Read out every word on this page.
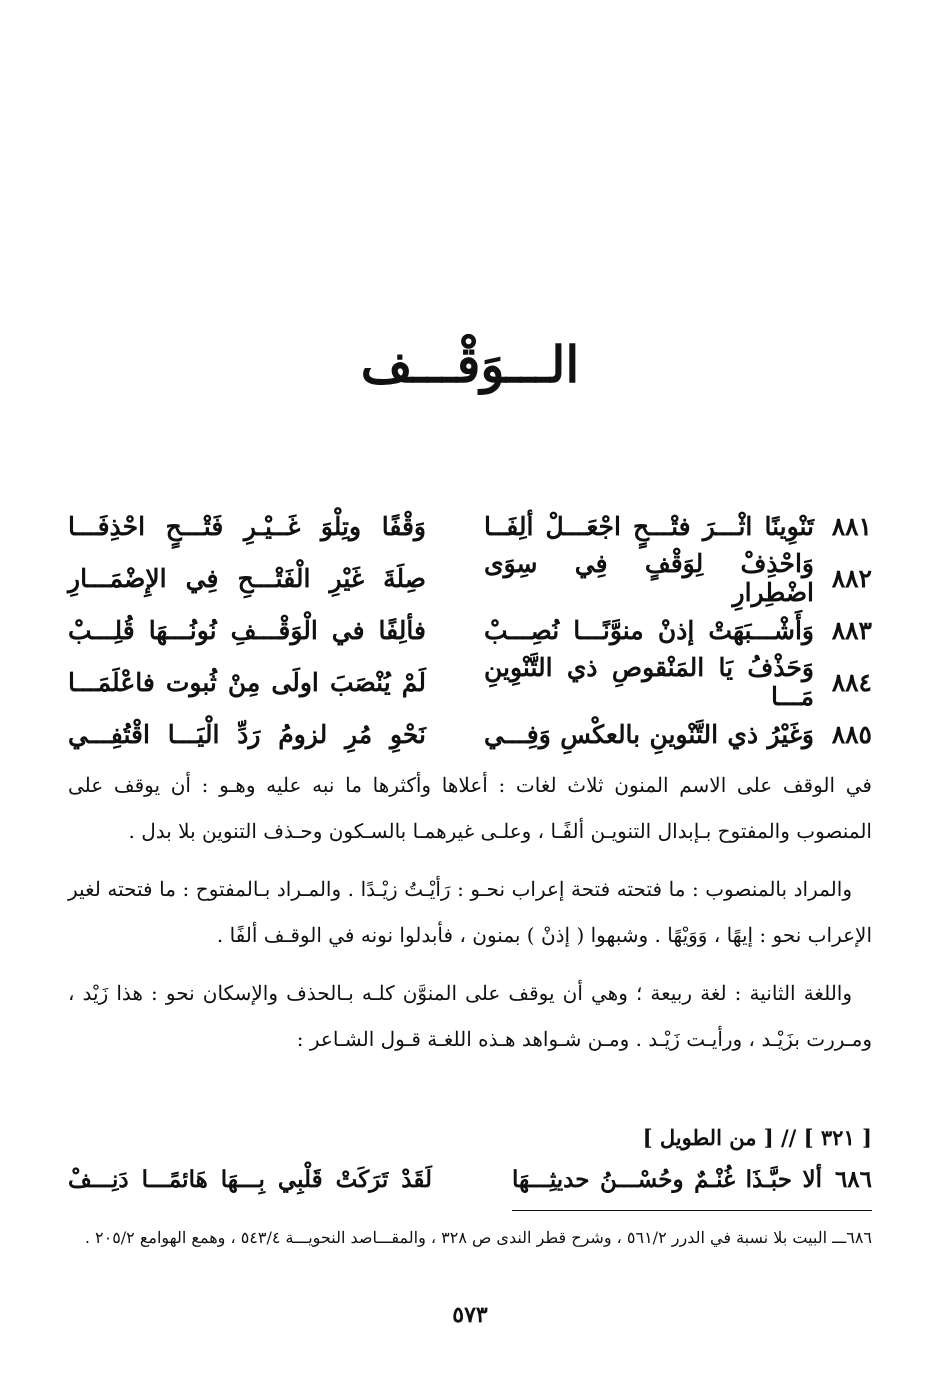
الـــوَقْـــف
٨٨١
تَنْوِينًا اثْـــرَ فتْـــحٍ اجْعَـــلْ ألِفَــا
وَقْفًا وتِلْوَ غَــيْـرِ فَتْـــحٍ احْذِفَـــا
٨٨٢
وَاحْذِفْ لِوَقْفٍ فِي سِوَى اضْطِرارِ
صِلَةَ غَيْرِ الْفَتْـــحِ فِي الإِضْمَـــارِ
٨٨٣
وَأَشْـــبَهَتْ إذنْ منوَّنًـــا نُصِـــبْ
فألِفًا في الْوَقْـــفِ نُونُـــهَا قُلِـــبْ
٨٨٤
وَحَذْفُ يَا المَنْقوصِ ذي التَّنْوِينِ مَـــا
لَمْ يُنْصَبَ اولَى مِنْ ثُبوت فاعْلَمَـــا
٨٨٥
وَغَيْرُ ذي التَّنْوينِ بالعكْسِ وَفِـــي
نَحْوِ مُرِ لزومُ رَدِّ الْيَـــا اقْتُفِـــي

في الوقف على الاسم المنون ثلاث لغات : أعلاها وأكثرها ما نبه عليه وهـو : أن يوقف على المنصوب والمفتوح بـإبدال التنويـن ألفًـا ، وعلـى غيرهمـا بالسـكون وحـذف التنوين بلا بدل .

والمراد بالمنصوب : ما فتحته فتحة إعراب نحـو : رَأيْـتُ زيْـدًا . والمـراد بـالمفتوح : ما فتحته لغير الإعراب نحو : إيهًا ، وَوَيْهًا . وشبهوا ( إذنْ ) بمنون ، فأبدلوا نونه في الوقـف ألفًا .

واللغة الثانية : لغة ربيعة ؛ وهي أن يوقف على المنوَّن كلـه بـالحذف والإسكان نحو : هذا زَيْد ، ومـررت بزَيْـد ، ورأيـت زَيْـد . ومـن شـواهد هـذه اللغـة قـول الشـاعر :

[ ٣٢١ ] // [ من الطويل ]
٦٨٦
ألا حبَّـذَا غُنْـمٌ وحُسْـــنُ حديثِـــهَا
لَقَدْ تَرَكَتْ قَلْبِي بِـــهَا هَائمًـــا دَنِـــفْ

٦٨٦ـــ البيت بلا نسبة في الدرر ٥٦١/٢ ، وشرح قطر الندى ص ٣٢٨ ، والمقـــاصد النحويـــة ٥٤٣/٤ ، وهمع الهوامع ٢٠٥/٢ .

٥٧٣
